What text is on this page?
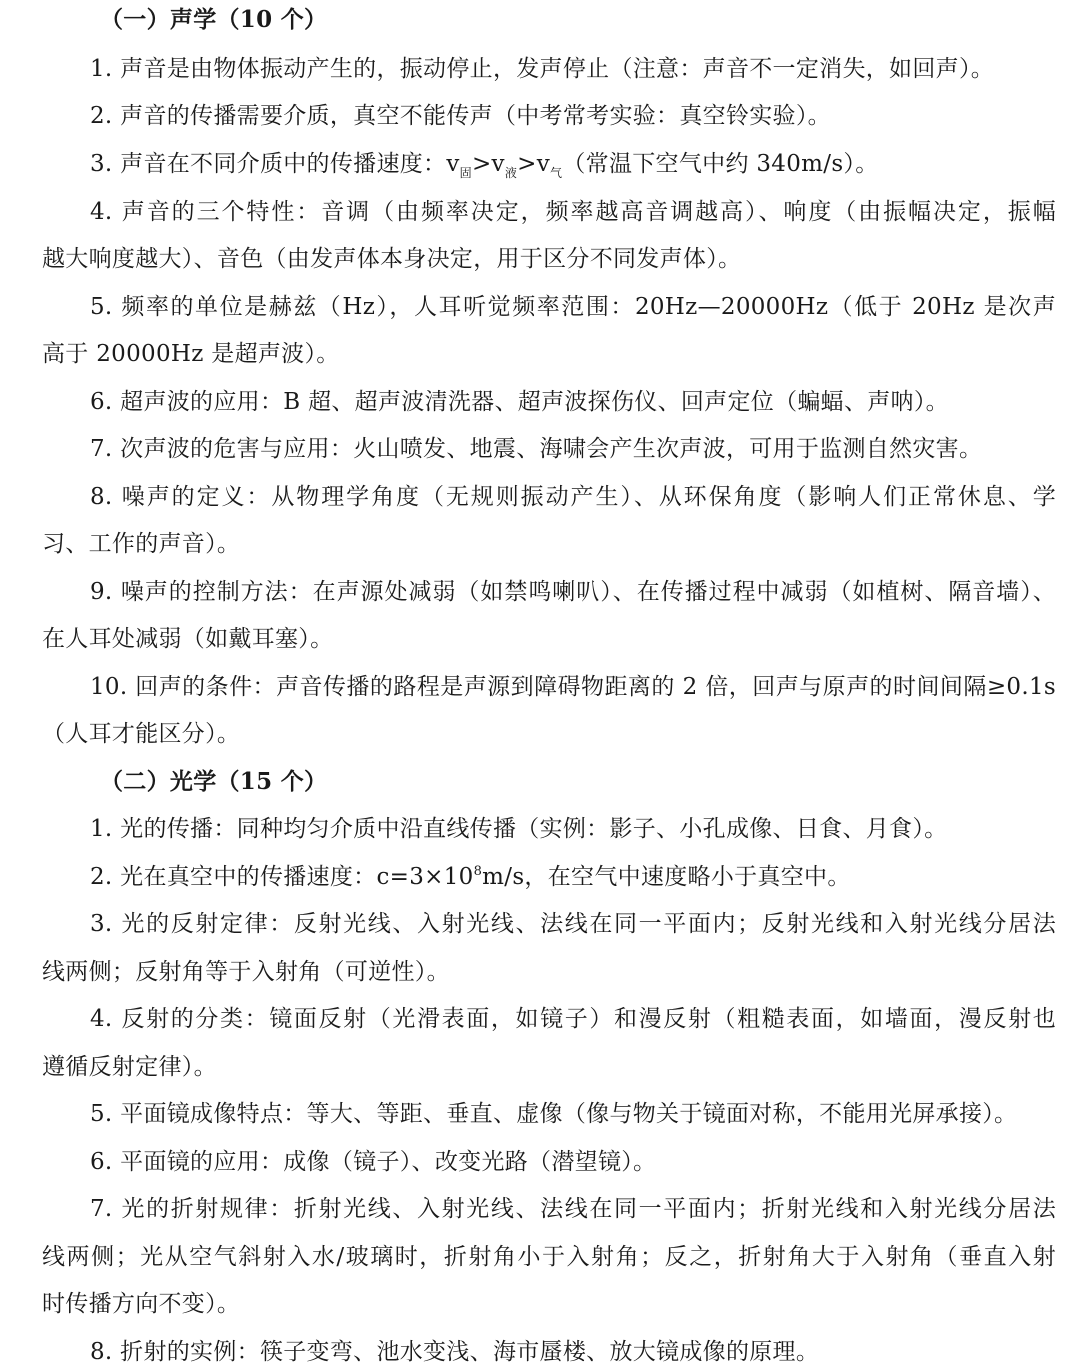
（一）声学（10 个）
1. 声音是由物体振动产生的，振动停止，发声停止（注意：声音不一定消失，如回声）。
2. 声音的传播需要介质，真空不能传声（中考常考实验：真空铃实验）。
3. 声音在不同介质中的传播速度：$v_固>v_液>v_气$（常温下空气中约 340m/s）。
4. 声音的三个特性：音调（由频率决定，频率越高音调越高）、响度（由振幅决定，振幅
越大响度越大）、音色（由发声体本身决定，用于区分不同发声体）。
5. 频率的单位是赫兹（Hz），人耳听觉频率范围：20Hz—20000Hz（低于 20Hz 是次声
高于 20000Hz 是超声波）。
6. 超声波的应用：B 超、超声波清洗器、超声波探伤仪、回声定位（蝙蝠、声呐）。
7. 次声波的危害与应用：火山喷发、地震、海啸会产生次声波，可用于监测自然灾害。
8. 噪声的定义：从物理学角度（无规则振动产生）、从环保角度（影响人们正常休息、学
习、工作的声音）。
9. 噪声的控制方法：在声源处减弱（如禁鸣喇叭）、在传播过程中减弱（如植树、隔音墙）、
在人耳处减弱（如戴耳塞）。
10. 回声的条件：声音传播的路程是声源到障碍物距离的 2 倍，回声与原声的时间间隔≥0.1s
（人耳才能区分）。
（二）光学（15 个）
1. 光的传播：同种均匀介质中沿直线传播（实例：影子、小孔成像、日食、月食）。
2. 光在真空中的传播速度：$c=3\times 10^8m/s$，在空气中速度略小于真空中。
3. 光的反射定律：反射光线、入射光线、法线在同一平面内；反射光线和入射光线分居法
线两侧；反射角等于入射角（可逆性）。
4. 反射的分类：镜面反射（光滑表面，如镜子）和漫反射（粗糙表面，如墙面，漫反射也
遵循反射定律）。
5. 平面镜成像特点：等大、等距、垂直、虚像（像与物关于镜面对称，不能用光屏承接）。
6. 平面镜的应用：成像（镜子）、改变光路（潜望镜）。
7. 光的折射规律：折射光线、入射光线、法线在同一平面内；折射光线和入射光线分居法
线两侧；光从空气斜射入水/玻璃时，折射角小于入射角；反之，折射角大于入射角（垂直入射
时传播方向不变）。
8. 折射的实例：筷子变弯、池水变浅、海市蜃楼、放大镜成像的原理。
